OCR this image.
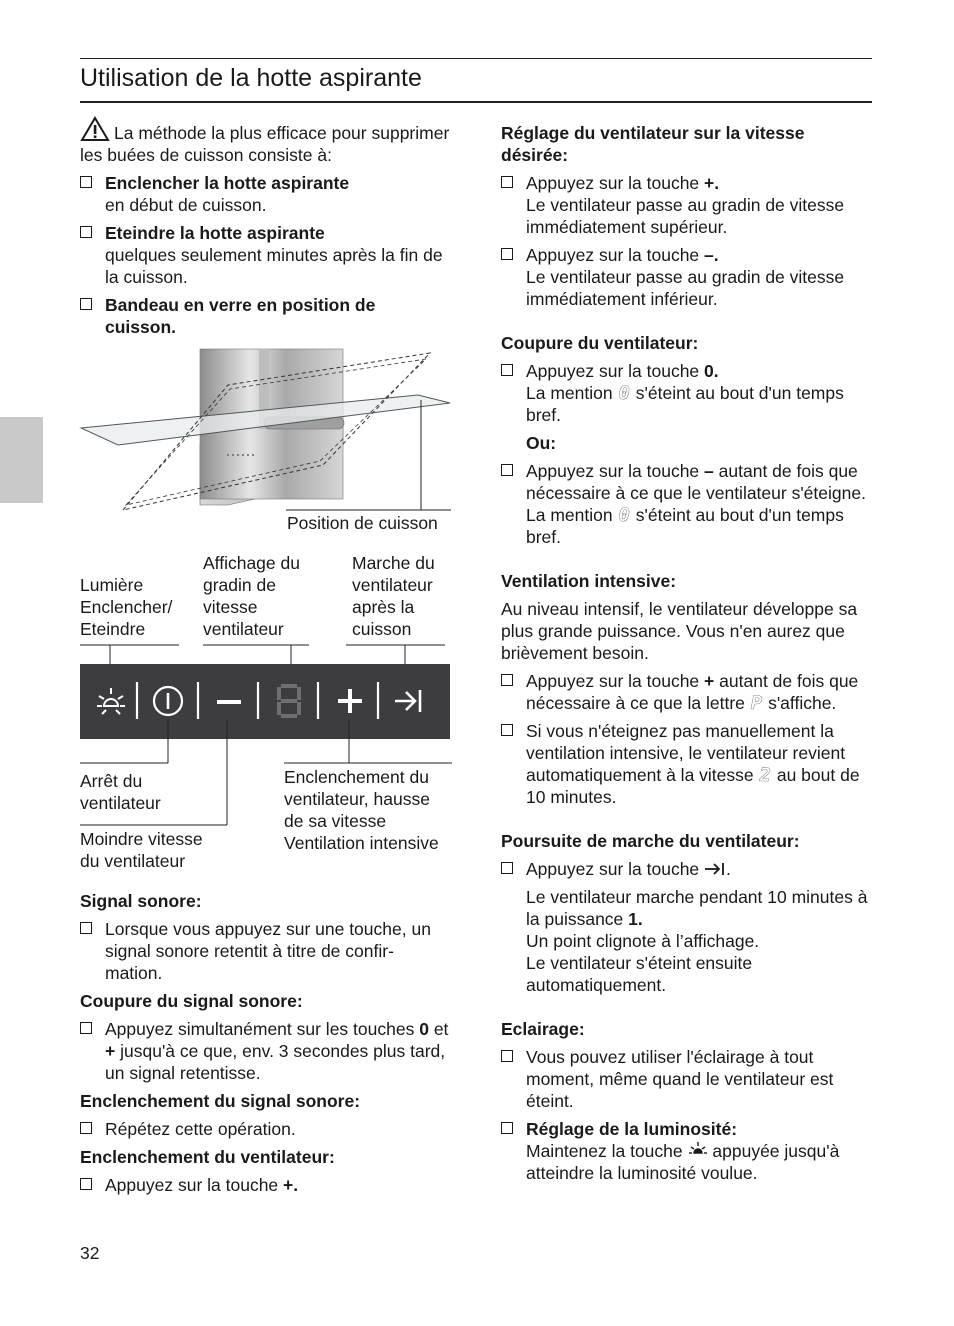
Utilisation de la hotte aspirante

La méthode la plus efficace pour supprimer les buées de cuisson consiste à:

Enclencher la hotte aspirante

en début de cuisson.

Eteindre la hotte aspirante

quelques seulement minutes après la fin de la cuisson.

Bandeau en verre en position de cuisson.

Position de cuisson
Lumière Enclencher/ Eteindre
Affichage du gradin de vitesse ventilateur
Marche du ventilateur après la cuisson
Arrêt du ventilateur
Enclenchement du ventilateur, hausse de sa vitesse Ventilation intensive
Moindre vitesse du ventilateur

Signal sonore:

Lorsque vous appuyez sur une touche, un signal sonore retentit à titre de confir-mation.

Coupure du signal sonore:

Appuyez simultanément sur les touches 0 et + jusqu'à ce que, env. 3 secondes plus tard, un signal retentisse.

Enclenchement du signal sonore:

Répétez cette opération.

Enclenchement du ventilateur:

Appuyez sur la touche +.

Réglage du ventilateur sur la vitesse désirée:

Appuyez sur la touche +.

Le ventilateur passe au gradin de vitesse immédiatement supérieur.

Appuyez sur la touche –.

Le ventilateur passe au gradin de vitesse immédiatement inférieur.

Coupure du ventilateur:

Appuyez sur la touche 0.

La mention 0 s'éteint au bout d'un temps bref.

Ou:

Appuyez sur la touche – autant de fois que nécessaire à ce que le ventilateur s'éteigne.

La mention 0 s'éteint au bout d'un temps bref.

Ventilation intensive:

Au niveau intensif, le ventilateur développe sa plus grande puissance. Vous n'en aurez que brièvement besoin.

Appuyez sur la touche + autant de fois que nécessaire à ce que la lettre P s'affiche.

Si vous n'éteignez pas manuellement la ventilation intensive, le ventilateur revient automatiquement à la vitesse 2 au bout de 10 minutes.

Poursuite de marche du ventilateur:

Appuyez sur la touche .

Le ventilateur marche pendant 10 minutes à la puissance 1.

Un point clignote à l’affichage.

Le ventilateur s'éteint ensuite automatiquement.

Eclairage:

Vous pouvez utiliser l'éclairage à tout moment, même quand le ventilateur est éteint.

Réglage de la luminosité:

Maintenez la touche appuyée jusqu'à atteindre la luminosité voulue.

32
